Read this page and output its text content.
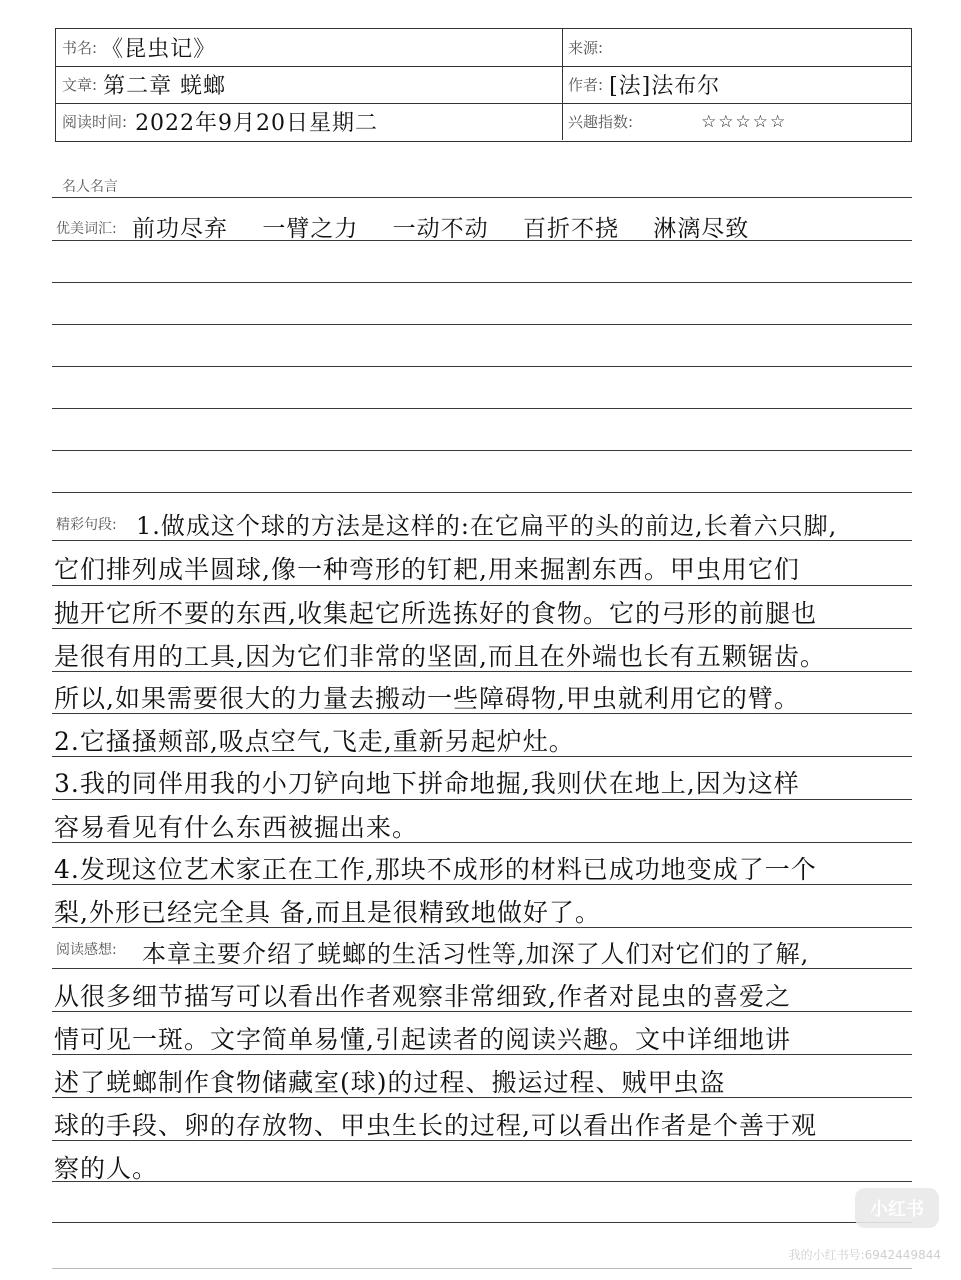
书名: 《昆虫记》	来源:
文章: 第二章 蜣螂	作者: [法]法布尔
阅读时间: 2022年9月20日星期二	兴趣指数:	☆☆☆☆☆
名人名言
优美词汇: 前功尽弃 一臂之力 一动不动 百折不挠 淋漓尽致
精彩句段: 1.做成这个球的方法是这样的:在它扁平的头的前边,长着六只脚,
它们排列成半圆球,像一种弯形的钉耙,用来掘割东西。甲虫用它们
抛开它所不要的东西,收集起它所选拣好的食物。它的弓形的前腿也
是很有用的工具,因为它们非常的坚固,而且在外端也长有五颗锯齿。
所以,如果需要很大的力量去搬动一些障碍物,甲虫就利用它的臂。
2.它搔搔颊部,吸点空气,飞走,重新另起炉灶。
3.我的同伴用我的小刀铲向地下拼命地掘,我则伏在地上,因为这样
容易看见有什么东西被掘出来。
4.发现这位艺术家正在工作,那块不成形的材料已成功地变成了一个
梨,外形已经完全具 备,而且是很精致地做好了。
阅读感想: 本章主要介绍了蜣螂的生活习性等,加深了人们对它们的了解,
从很多细节描写可以看出作者观察非常细致,作者对昆虫的喜爱之
情可见一斑。文字简单易懂,引起读者的阅读兴趣。文中详细地讲
述了蜣螂制作食物储藏室(球)的过程、搬运过程、贼甲虫盗
球的手段、卵的存放物、甲虫生长的过程,可以看出作者是个善于观
察的人。
小红书
我的小红书号:6942449844
